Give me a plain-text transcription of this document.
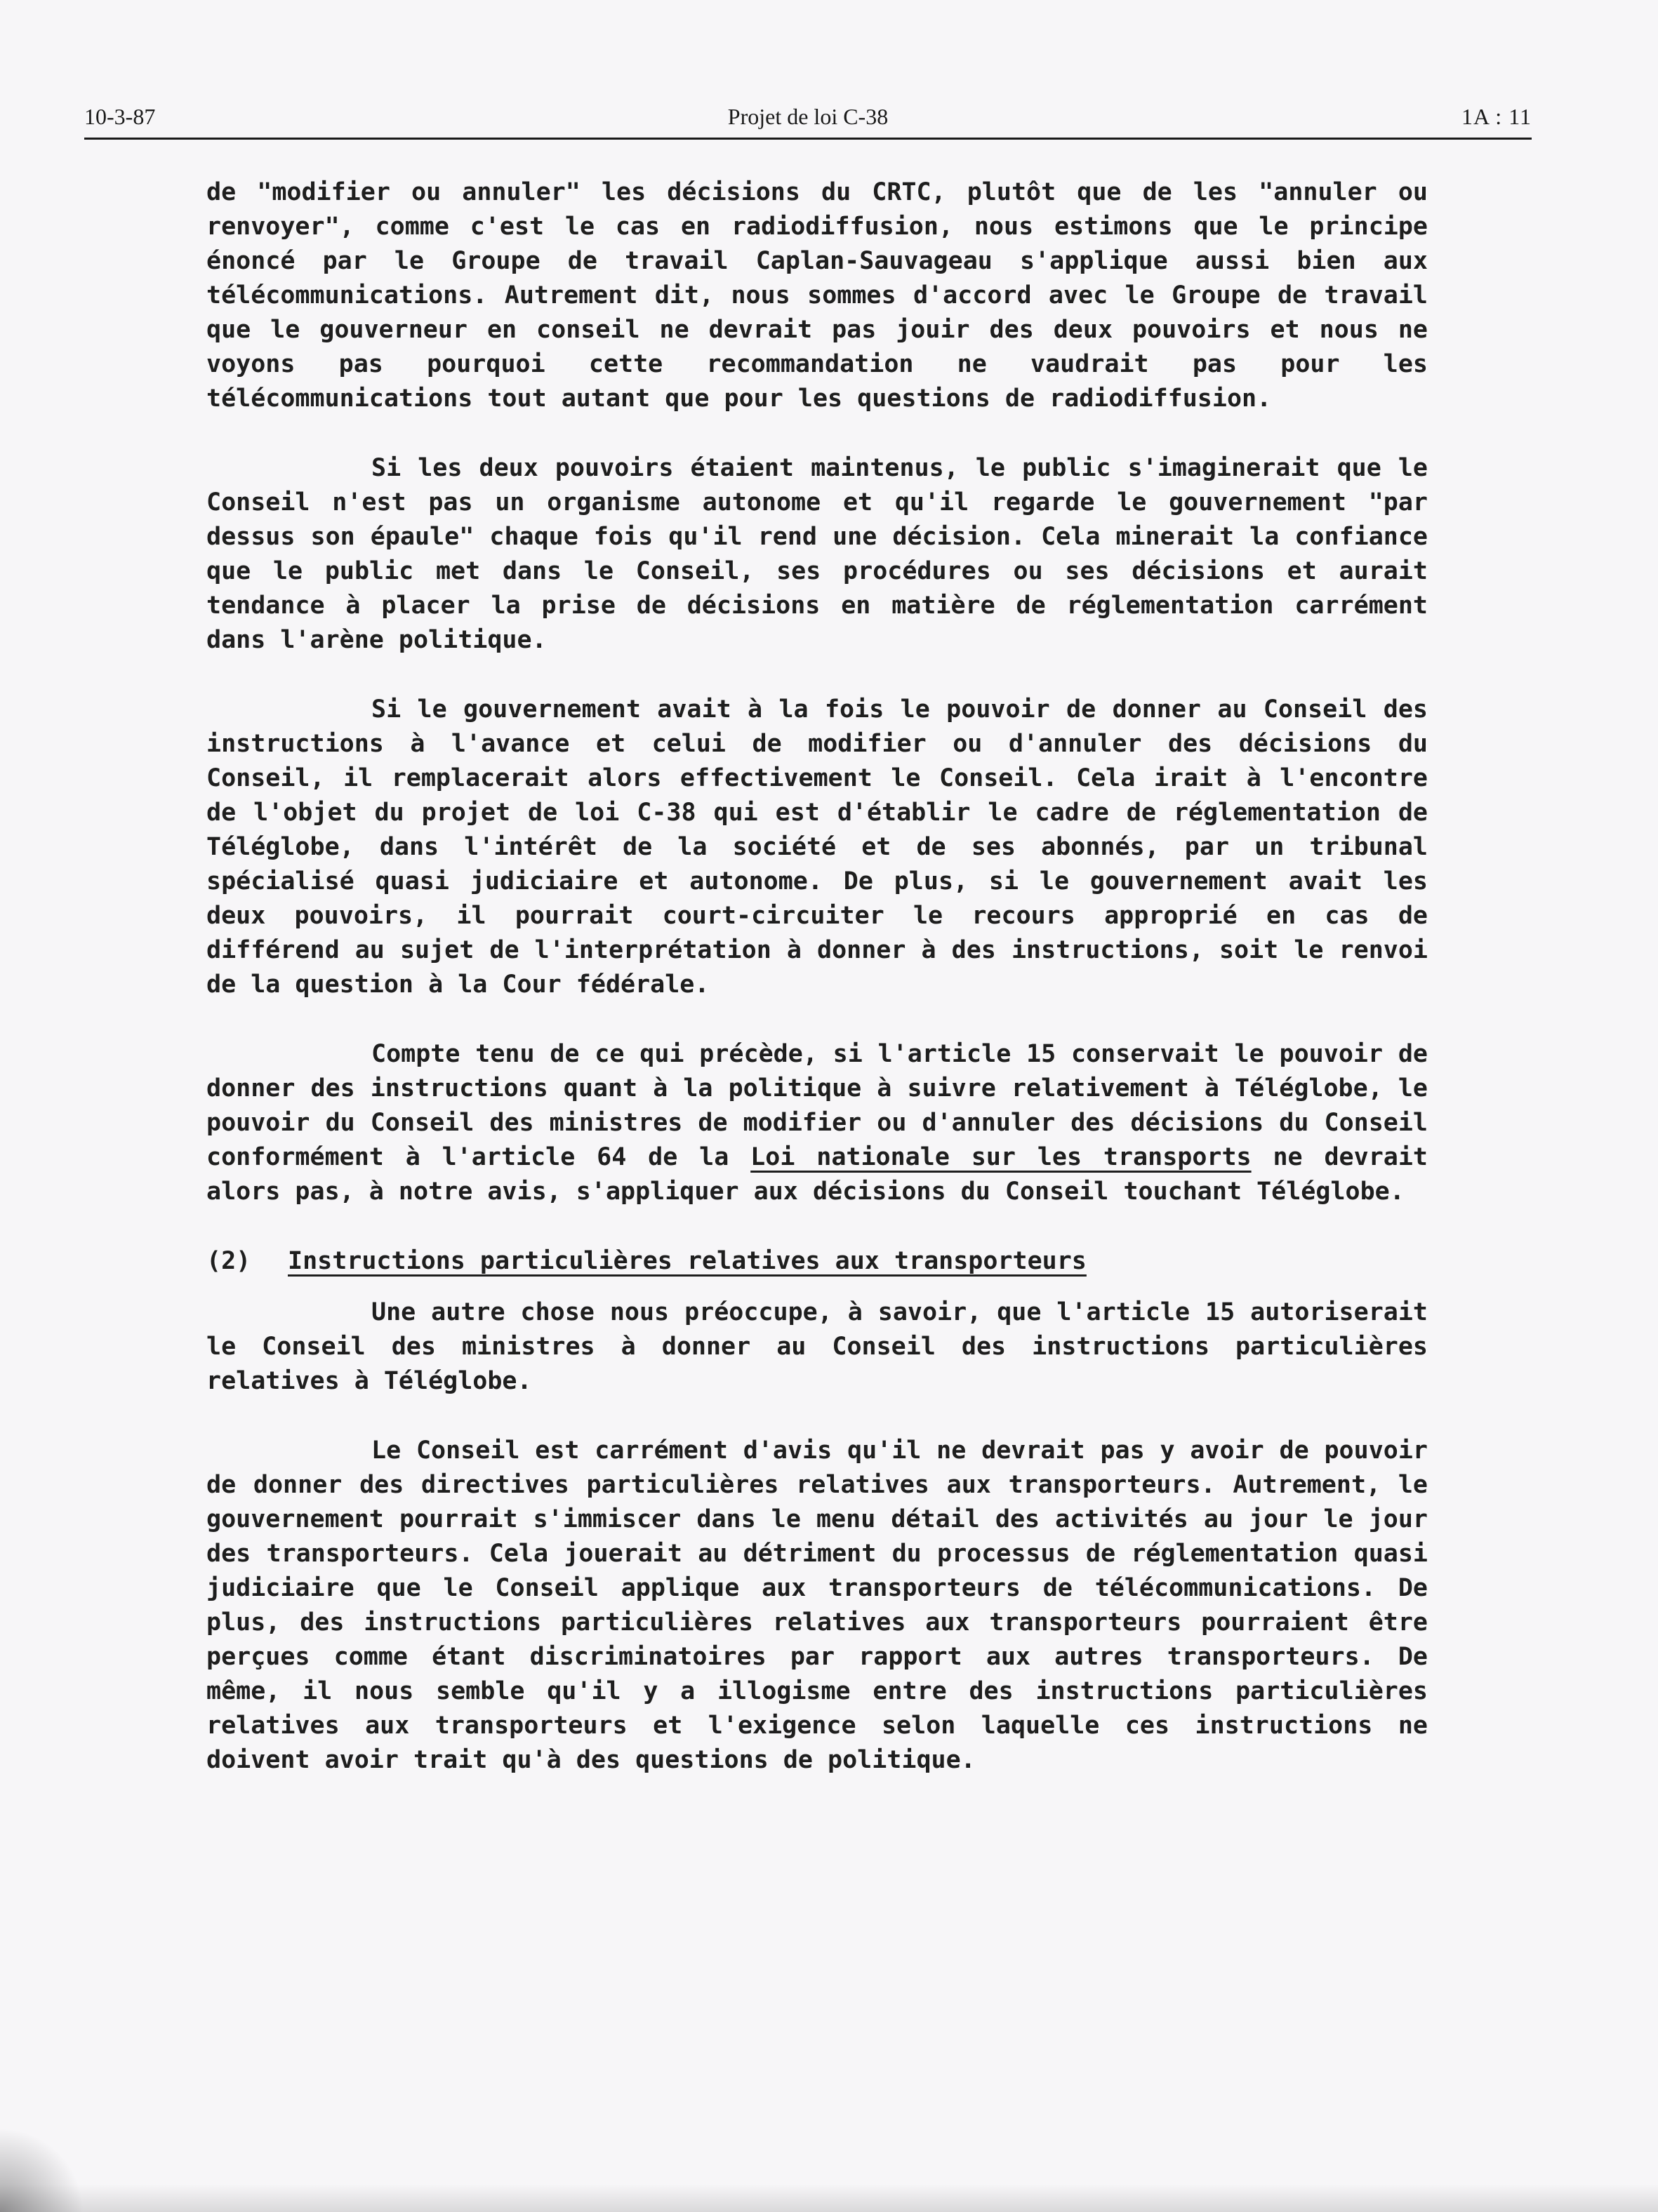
10-3-87	Projet de loi C-38	1A : 11

de "modifier ou annuler" les décisions du CRTC, plutôt que de les "annuler ou renvoyer", comme c'est le cas en radiodiffusion, nous estimons que le principe énoncé par le Groupe de travail Caplan-Sauvageau s'applique aussi bien aux télécommunications. Autrement dit, nous sommes d'accord avec le Groupe de travail que le gouverneur en conseil ne devrait pas jouir des deux pouvoirs et nous ne voyons pas pourquoi cette recommandation ne vaudrait pas pour les télécommunications tout autant que pour les questions de radiodiffusion.

Si les deux pouvoirs étaient maintenus, le public s'imaginerait que le Conseil n'est pas un organisme autonome et qu'il regarde le gouvernement "par dessus son épaule" chaque fois qu'il rend une décision. Cela minerait la confiance que le public met dans le Conseil, ses procédures ou ses décisions et aurait tendance à placer la prise de décisions en matière de réglementation carrément dans l'arène politique.

Si le gouvernement avait à la fois le pouvoir de donner au Conseil des instructions à l'avance et celui de modifier ou d'annuler des décisions du Conseil, il remplacerait alors effectivement le Conseil. Cela irait à l'encontre de l'objet du projet de loi C-38 qui est d'établir le cadre de réglementation de Téléglobe, dans l'intérêt de la société et de ses abonnés, par un tribunal spécialisé quasi judiciaire et autonome. De plus, si le gouvernement avait les deux pouvoirs, il pourrait court-circuiter le recours approprié en cas de différend au sujet de l'interprétation à donner à des instructions, soit le renvoi de la question à la Cour fédérale.

Compte tenu de ce qui précède, si l'article 15 conservait le pouvoir de donner des instructions quant à la politique à suivre relativement à Téléglobe, le pouvoir du Conseil des ministres de modifier ou d'annuler des décisions du Conseil conformément à l'article 64 de la Loi nationale sur les transports ne devrait alors pas, à notre avis, s'appliquer aux décisions du Conseil touchant Téléglobe.

(2) Instructions particulières relatives aux transporteurs

Une autre chose nous préoccupe, à savoir, que l'article 15 autoriserait le Conseil des ministres à donner au Conseil des instructions particulières relatives à Téléglobe.

Le Conseil est carrément d'avis qu'il ne devrait pas y avoir de pouvoir de donner des directives particulières relatives aux transporteurs. Autrement, le gouvernement pourrait s'immiscer dans le menu détail des activités au jour le jour des transporteurs. Cela jouerait au détriment du processus de réglementation quasi judiciaire que le Conseil applique aux transporteurs de télécommunications. De plus, des instructions particulières relatives aux transporteurs pourraient être perçues comme étant discriminatoires par rapport aux autres transporteurs. De même, il nous semble qu'il y a illogisme entre des instructions particulières relatives aux transporteurs et l'exigence selon laquelle ces instructions ne doivent avoir trait qu'à des questions de politique.
